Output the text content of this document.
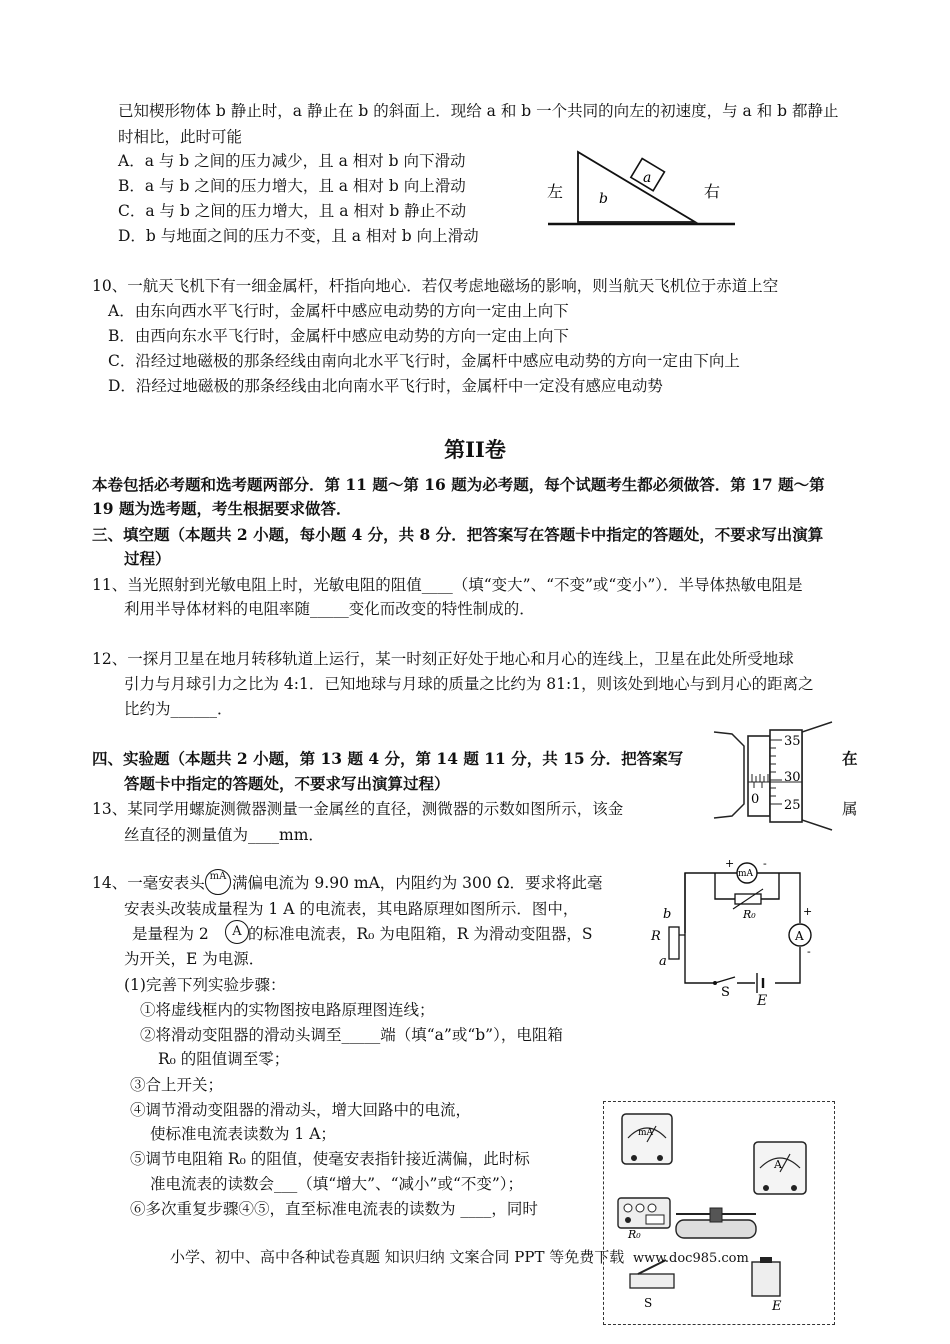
已知楔形物体 b 静止时，a 静止在 b 的斜面上．现给 a 和 b 一个共同的向左的初速度，与 a 和 b 都静止
时相比，此时可能
A．a 与 b 之间的压力减少，且 a 相对 b 向下滑动
B．a 与 b 之间的压力增大，且 a 相对 b 向上滑动
C．a 与 b 之间的压力增大，且 a 相对 b 静止不动
D．b 与地面之间的压力不变，且 a 相对 b 向上滑动
a
b
左	右
10、一航天飞机下有一细金属杆，杆指向地心．若仅考虑地磁场的影响，则当航天飞机位于赤道上空
A．由东向西水平飞行时，金属杆中感应电动势的方向一定由上向下
B．由西向东水平飞行时，金属杆中感应电动势的方向一定由上向下
C．沿经过地磁极的那条经线由南向北水平飞行时，金属杆中感应电动势的方向一定由下向上
D．沿经过地磁极的那条经线由北向南水平飞行时，金属杆中一定没有感应电动势
第II卷
本卷包括必考题和选考题两部分．第 11 题～第 16 题为必考题，每个试题考生都必须做答．第 17 题～第
19 题为选考题，考生根据要求做答．
三、填空题（本题共 2 小题，每小题 4 分，共 8 分．把答案写在答题卡中指定的答题处，不要求写出演算
过程）
11、当光照射到光敏电阻上时，光敏电阻的阻值____（填“变大”、“不变”或“变小”）．半导体热敏电阻是
利用半导体材料的电阻率随_____变化而改变的特性制成的．
12、一探月卫星在地月转移轨道上运行，某一时刻正好处于地心和月心的连线上，卫星在此处所受地球
引力与月球引力之比为 4:1．已知地球与月球的质量之比约为 81:1，则该处到地心与到月心的距离之
比约为______．
四、实验题（本题共 2 小题，第 13 题 4 分，第 14 题 11 分，共 15 分．把答案写	在
答题卡中指定的答题处，不要求写出演算过程）
13、某同学用螺旋测微器测量一金属丝的直径，测微器的示数如图所示，该金	属
丝直径的测量值为____mm．
35
30
25
0
14、一毫安表头 mA 满偏电流为 9.90 mA，内阻约为 300 Ω．要求将此毫
安表头改装成量程为 1 A 的电流表，其电路原理如图所示．图中，
是量程为 2	A 的标准电流表，R₀ 为电阻箱，R 为滑动变阻器，S
为开关，E 为电源．
(1)完善下列实验步骤：
①将虚线框内的实物图按电路原理图连线；
②将滑动变阻器的滑动头调至_____端（填“a”或“b”），电阻箱
R₀ 的阻值调至零；
③合上开关；
④调节滑动变阻器的滑动头，增大回路中的电流，
使标准电流表读数为 1 A；
⑤调节电阻箱 R₀ 的阻值，使毫安表指针接近满偏，此时标
准电流表的读数会___（填“增大”、“减小”或“不变”）；
⑥多次重复步骤④⑤，直至标准电流表的读数为 ____，同时
mA
+	-
R₀
A
+
-
b
R
a
S
E
mA
A
R₀
S	E
小学、初中、高中各种试卷真题 知识归纳 文案合同 PPT 等免费下载 www.doc985.com
